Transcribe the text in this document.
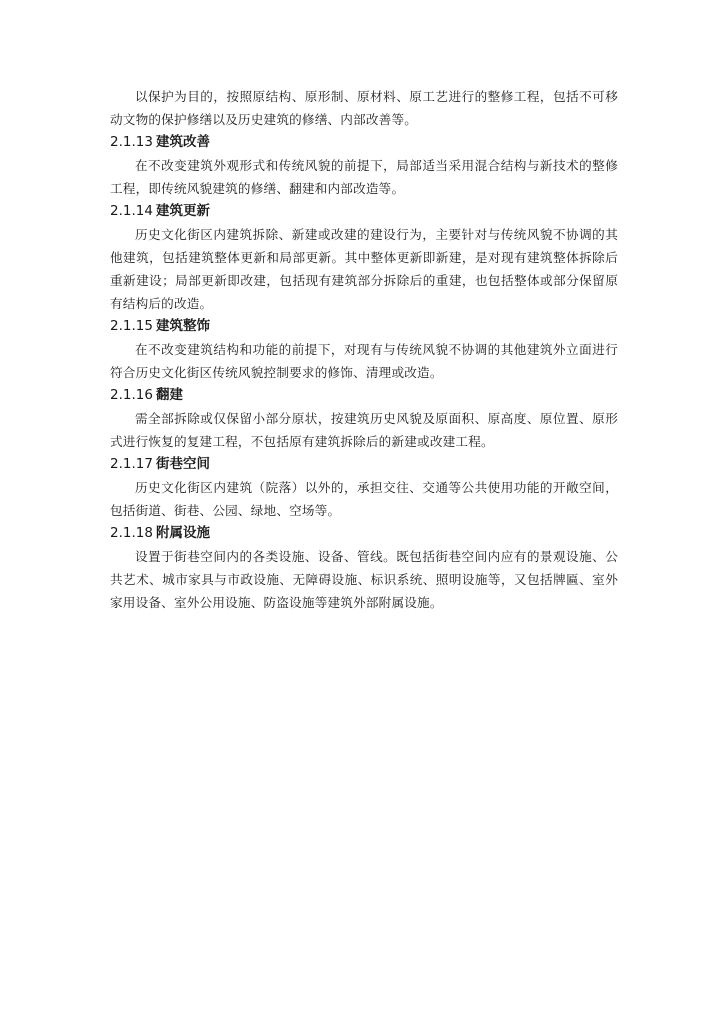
以保护为目的，按照原结构、原形制、原材料、原工艺进行的整修工程，包括不可移动文物的保护修缮以及历史建筑的修缮、内部改善等。

2.1.13 建筑改善

在不改变建筑外观形式和传统风貌的前提下，局部适当采用混合结构与新技术的整修工程，即传统风貌建筑的修缮、翻建和内部改造等。

2.1.14 建筑更新

历史文化街区内建筑拆除、新建或改建的建设行为，主要针对与传统风貌不协调的其他建筑，包括建筑整体更新和局部更新。其中整体更新即新建，是对现有建筑整体拆除后重新建设；局部更新即改建，包括现有建筑部分拆除后的重建，也包括整体或部分保留原有结构后的改造。

2.1.15 建筑整饰

在不改变建筑结构和功能的前提下，对现有与传统风貌不协调的其他建筑外立面进行符合历史文化街区传统风貌控制要求的修饰、清理或改造。

2.1.16 翻建

需全部拆除或仅保留小部分原状，按建筑历史风貌及原面积、原高度、原位置、原形式进行恢复的复建工程，不包括原有建筑拆除后的新建或改建工程。

2.1.17 街巷空间

历史文化街区内建筑（院落）以外的，承担交往、交通等公共使用功能的开敞空间，包括街道、街巷、公园、绿地、空场等。

2.1.18 附属设施

设置于街巷空间内的各类设施、设备、管线。既包括街巷空间内应有的景观设施、公共艺术、城市家具与市政设施、无障碍设施、标识系统、照明设施等，又包括牌匾、室外家用设备、室外公用设施、防盗设施等建筑外部附属设施。
